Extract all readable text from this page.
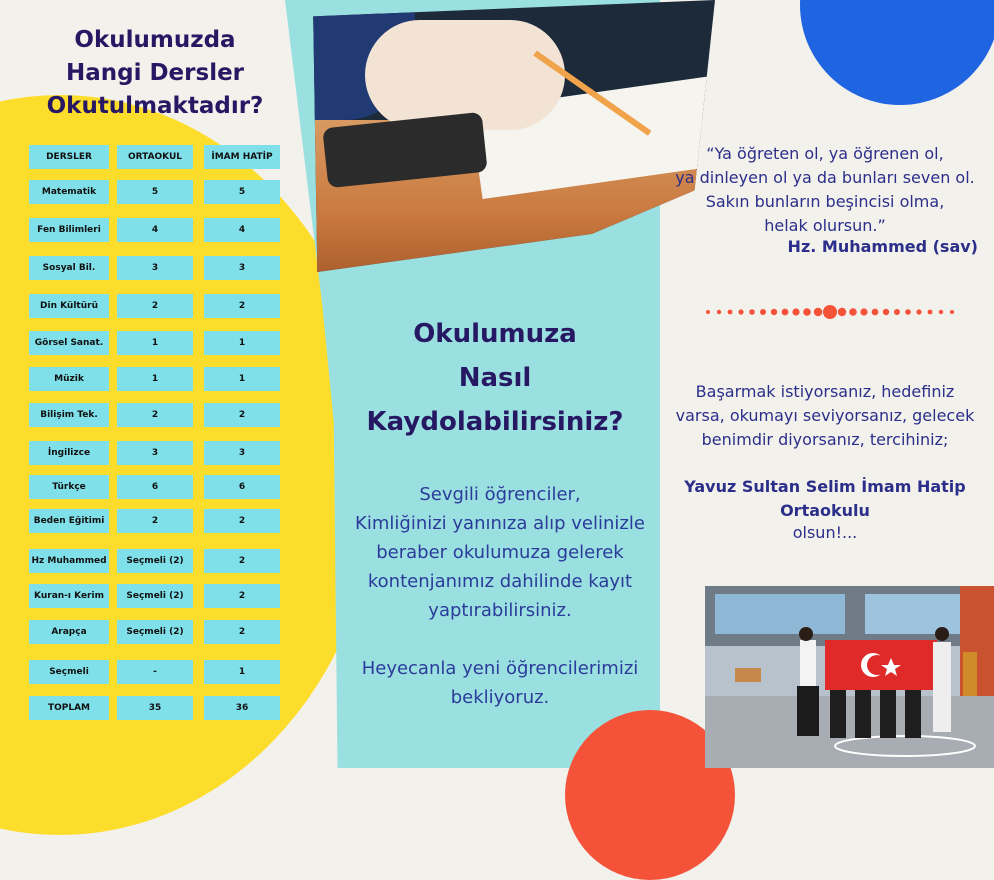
Okulumuzda
Hangi Dersler
Okutulmaktadır?
DERSLER	ORTAOKUL	İMAM HATİP
Matematik	5	5
Fen Bilimleri	4	4
Sosyal Bil.	3	3
Din Kültürü	2	2
Görsel Sanat.	1	1
Müzik	1	1
Bilişim Tek.	2	2
İngilizce	3	3
Türkçe	6	6
Beden Eğitimi	2	2
Hz Muhammed	Seçmeli (2)	2
Kuran-ı Kerim	Seçmeli (2)	2
Arapça	Seçmeli (2)	2
Seçmeli	-	1
TOPLAM	35	36
Okulumuza
Nasıl
Kaydolabilirsiniz?
Sevgili öğrenciler,
Kimliğinizi yanınıza alıp velinizle
beraber okulumuza gelerek
kontenjanımız dahilinde kayıt
yaptırabilirsiniz.
Heyecanla yeni öğrencilerimizi
bekliyoruz.
“Ya öğreten ol, ya öğrenen ol,
ya dinleyen ol ya da bunları seven ol.
Sakın bunların beşincisi olma,
helak olursun.”
Hz. Muhammed (sav)
Başarmak istiyorsanız, hedefiniz
varsa, okumayı seviyorsanız, gelecek
benimdir diyorsanız, tercihiniz;
Yavuz Sultan Selim İmam Hatip
Ortaokulu
olsun!...
